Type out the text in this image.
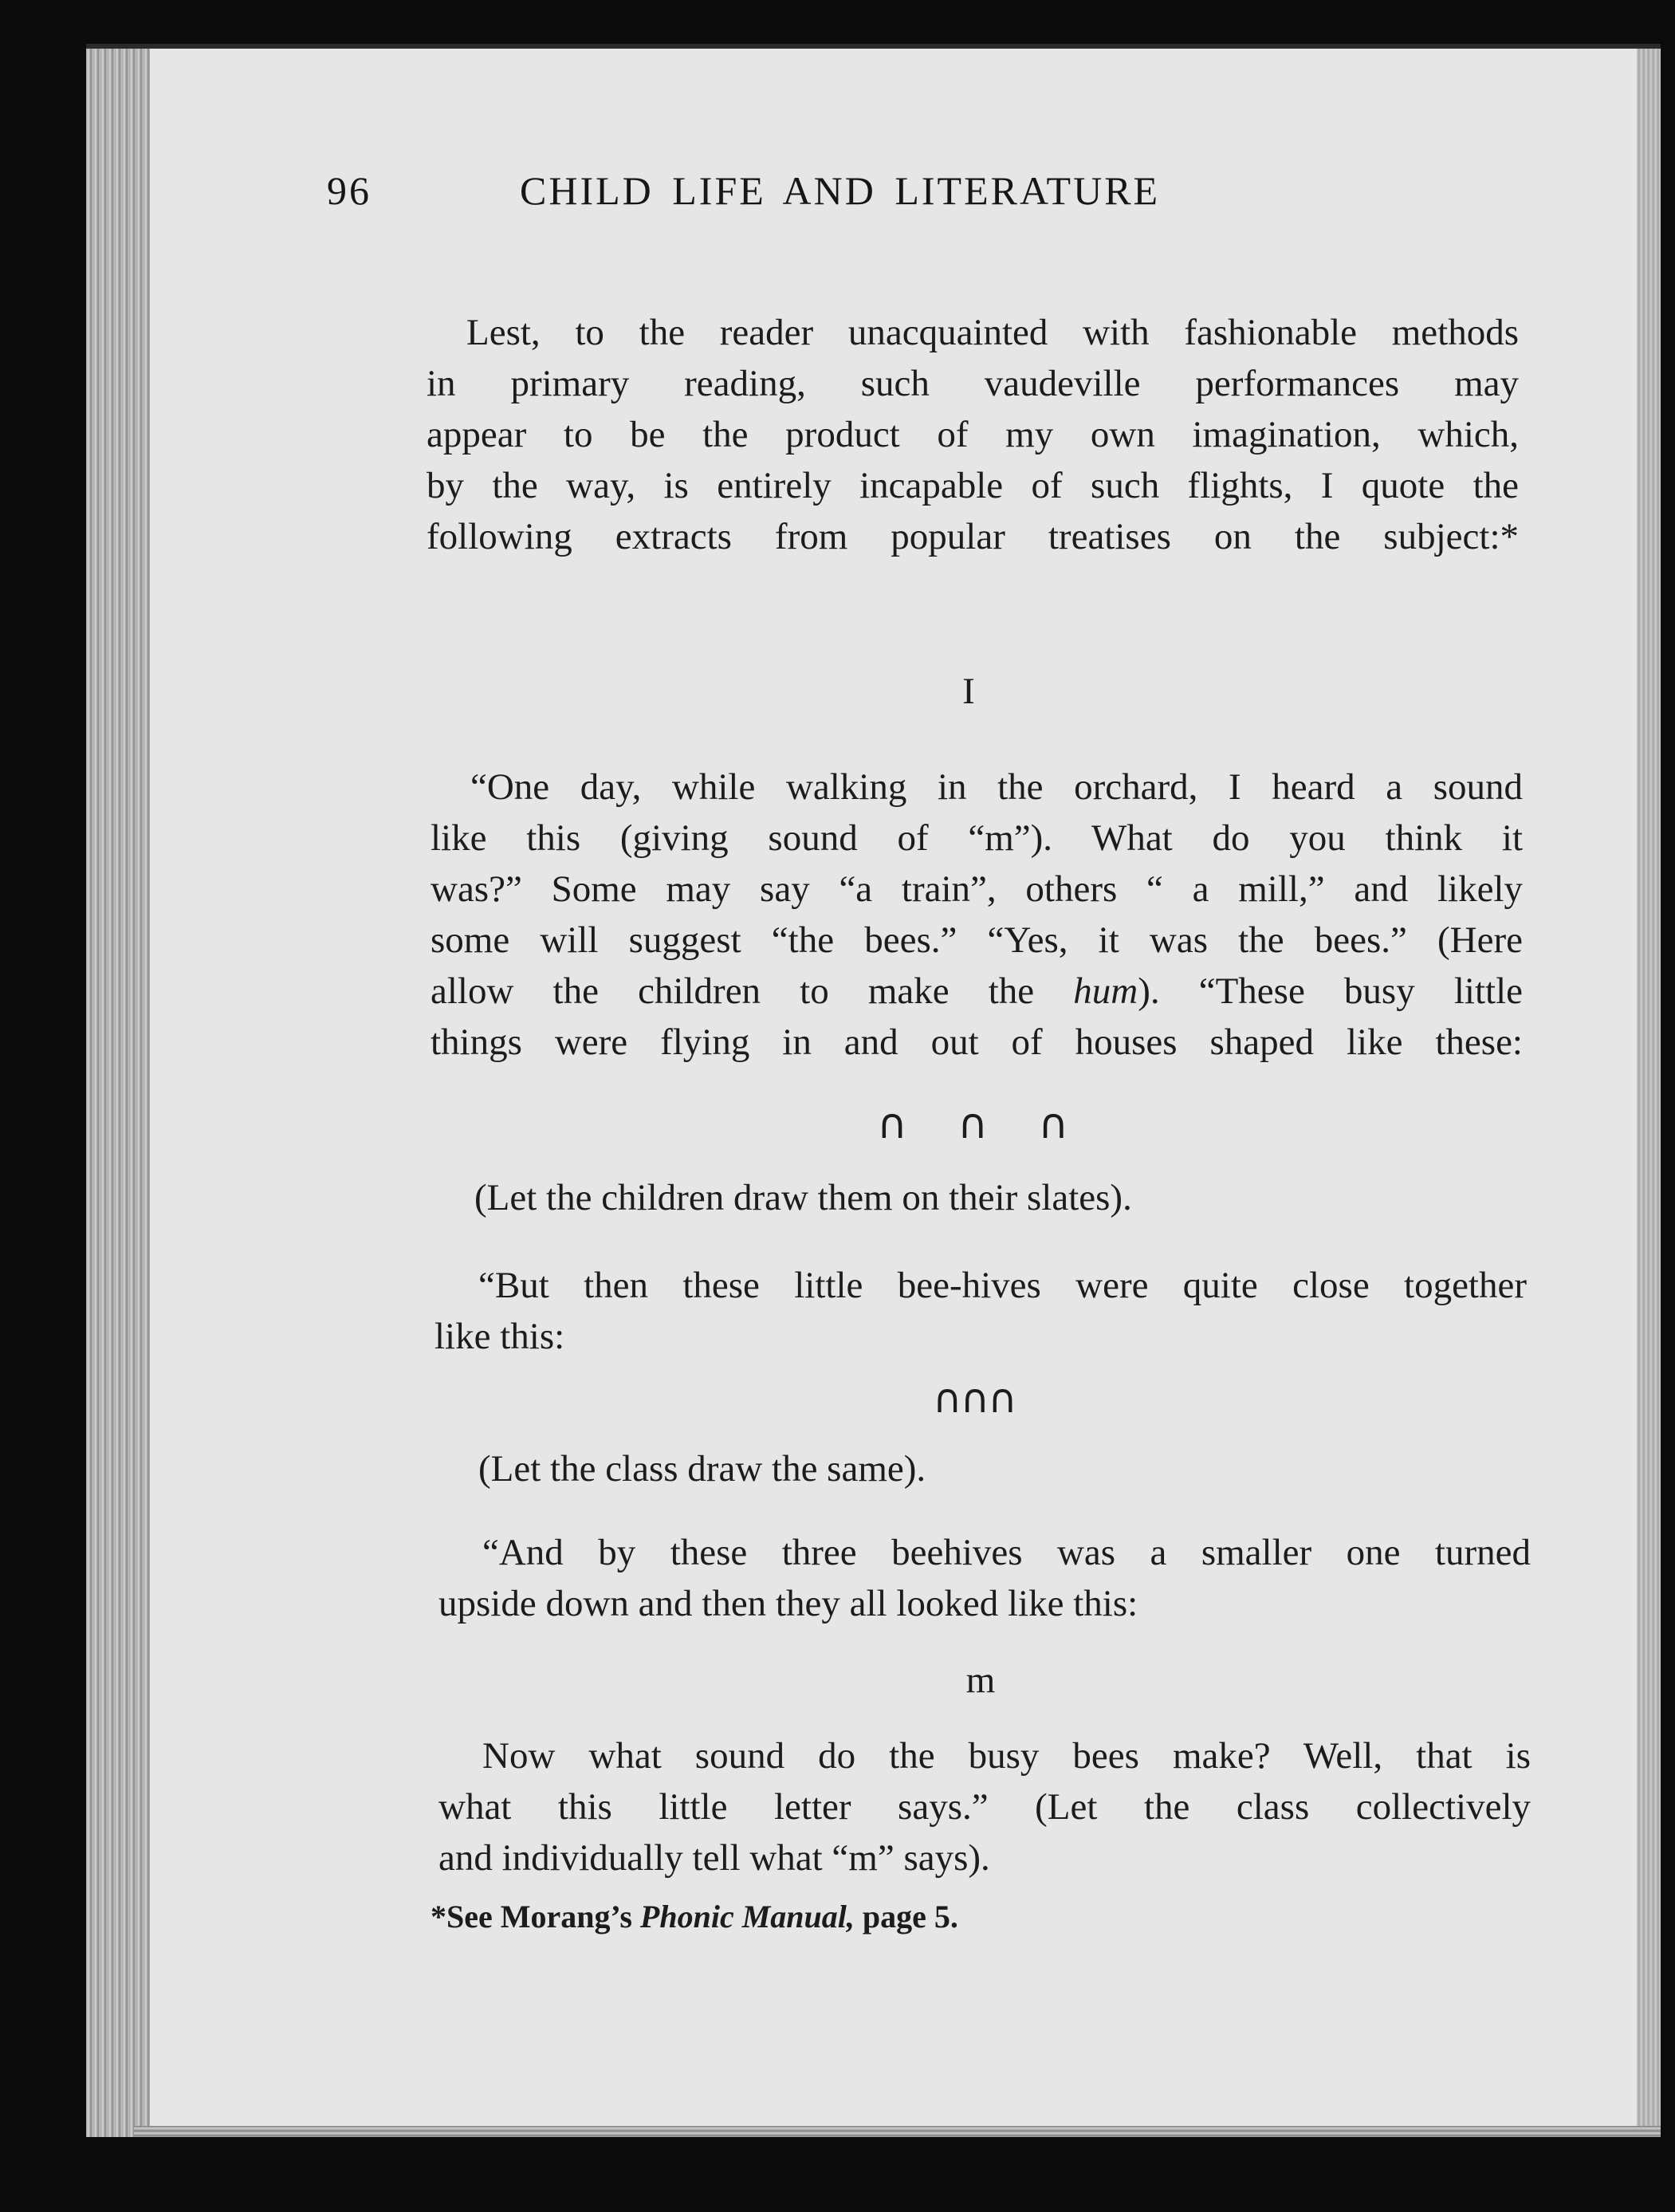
96	CHILD LIFE AND LITERATURE
Lest, to the reader unacquainted with fashionable methods
in primary reading, such vaudeville performances may
appear to be the product of my own imagination, which,
by the way, is entirely incapable of such flights, I quote the
following extracts from popular treatises on the subject:*
I
“One day, while walking in the orchard, I heard a sound
like this (giving sound of “m”). What do you think it
was?” Some may say “a train”, others “ a mill,” and likely
some will suggest “the bees.” “Yes, it was the bees.” (Here
allow the children to make the hum). “These busy little
things were flying in and out of houses shaped like these:
∩  ∩  ∩
(Let the children draw them on their slates).
“But then these little bee-hives were quite close together
like this:
∩∩∩
(Let the class draw the same).
“And by these three beehives was a smaller one turned
upside down and then they all looked like this:
m
Now what sound do the busy bees make? Well, that is
what this little letter says.” (Let the class collectively
and individually tell what “m” says).
*See Morang’s Phonic Manual, page 5.
